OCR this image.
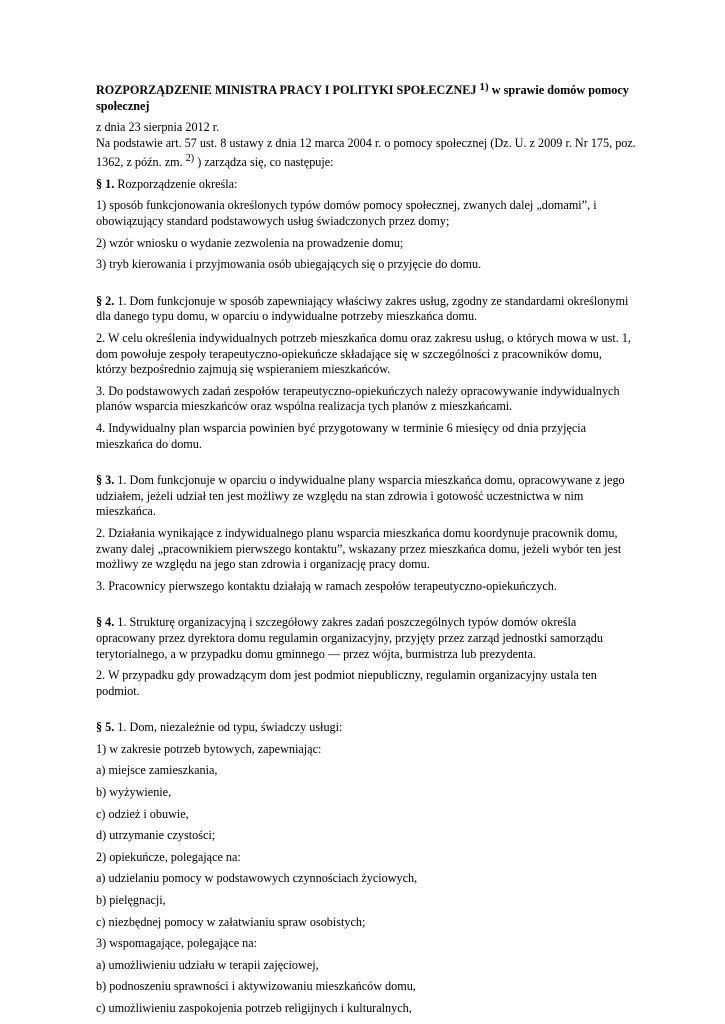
ROZPORZĄDZENIE MINISTRA PRACY I POLITYKI SPOŁECZNEJ $^{1)}$ w sprawie domów pomocy społecznej

z dnia 23 sierpnia 2012 r.

Na podstawie art. 57 ust. 8 ustawy z dnia 12 marca 2004 r. o pomocy społecznej (Dz. U. z 2009 r. Nr 175, poz. 1362, z późn. zm. $^{2)}$ ) zarządza się, co następuje:

§ 1. Rozporządzenie określa:

1) sposób funkcjonowania określonych typów domów pomocy społecznej, zwanych dalej „domami”, i obowiązujący standard podstawowych usług świadczonych przez domy;

2) wzór wniosku o wydanie zezwolenia na prowadzenie domu;

3) tryb kierowania i przyjmowania osób ubiegających się o przyjęcie do domu.

§ 2. 1. Dom funkcjonuje w sposób zapewniający właściwy zakres usług, zgodny ze standardami określonymi dla danego typu domu, w oparciu o indywidualne potrzeby mieszkańca domu.

2. W celu określenia indywidualnych potrzeb mieszkańca domu oraz zakresu usług, o których mowa w ust. 1, dom powołuje zespoły terapeutyczno-opiekuńcze składające się w szczególności z pracowników domu, którzy bezpośrednio zajmują się wspieraniem mieszkańców.

3. Do podstawowych zadań zespołów terapeutyczno-opiekuńczych należy opracowywanie indywidualnych planów wsparcia mieszkańców oraz wspólna realizacja tych planów z mieszkańcami.

4. Indywidualny plan wsparcia powinien być przygotowany w terminie 6 miesięcy od dnia przyjęcia mieszkańca do domu.

§ 3. 1. Dom funkcjonuje w oparciu o indywidualne plany wsparcia mieszkańca domu, opracowywane z jego udziałem, jeżeli udział ten jest możliwy ze względu na stan zdrowia i gotowość uczestnictwa w nim mieszkańca.

2. Działania wynikające z indywidualnego planu wsparcia mieszkańca domu koordynuje pracownik domu, zwany dalej „pracownikiem pierwszego kontaktu”, wskazany przez mieszkańca domu, jeżeli wybór ten jest możliwy ze względu na jego stan zdrowia i organizację pracy domu.

3. Pracownicy pierwszego kontaktu działają w ramach zespołów terapeutyczno-opiekuńczych.

§ 4. 1. Strukturę organizacyjną i szczegółowy zakres zadań poszczególnych typów domów określa opracowany przez dyrektora domu regulamin organizacyjny, przyjęty przez zarząd jednostki samorządu terytorialnego, a w przypadku domu gminnego — przez wójta, burmistrza lub prezydenta.

2. W przypadku gdy prowadzącym dom jest podmiot niepubliczny, regulamin organizacyjny ustala ten podmiot.

§ 5. 1. Dom, niezależnie od typu, świadczy usługi:

1) w zakresie potrzeb bytowych, zapewniając:

a) miejsce zamieszkania,

b) wyżywienie,

c) odzież i obuwie,

d) utrzymanie czystości;

2) opiekuńcze, polegające na:

a) udzielaniu pomocy w podstawowych czynnościach życiowych,

b) pielęgnacji,

c) niezbędnej pomocy w załatwianiu spraw osobistych;

3) wspomagające, polegające na:

a) umożliwieniu udziału w terapii zajęciowej,

b) podnoszeniu sprawności i aktywizowaniu mieszkańców domu,

c) umożliwieniu zaspokojenia potrzeb religijnych i kulturalnych,
